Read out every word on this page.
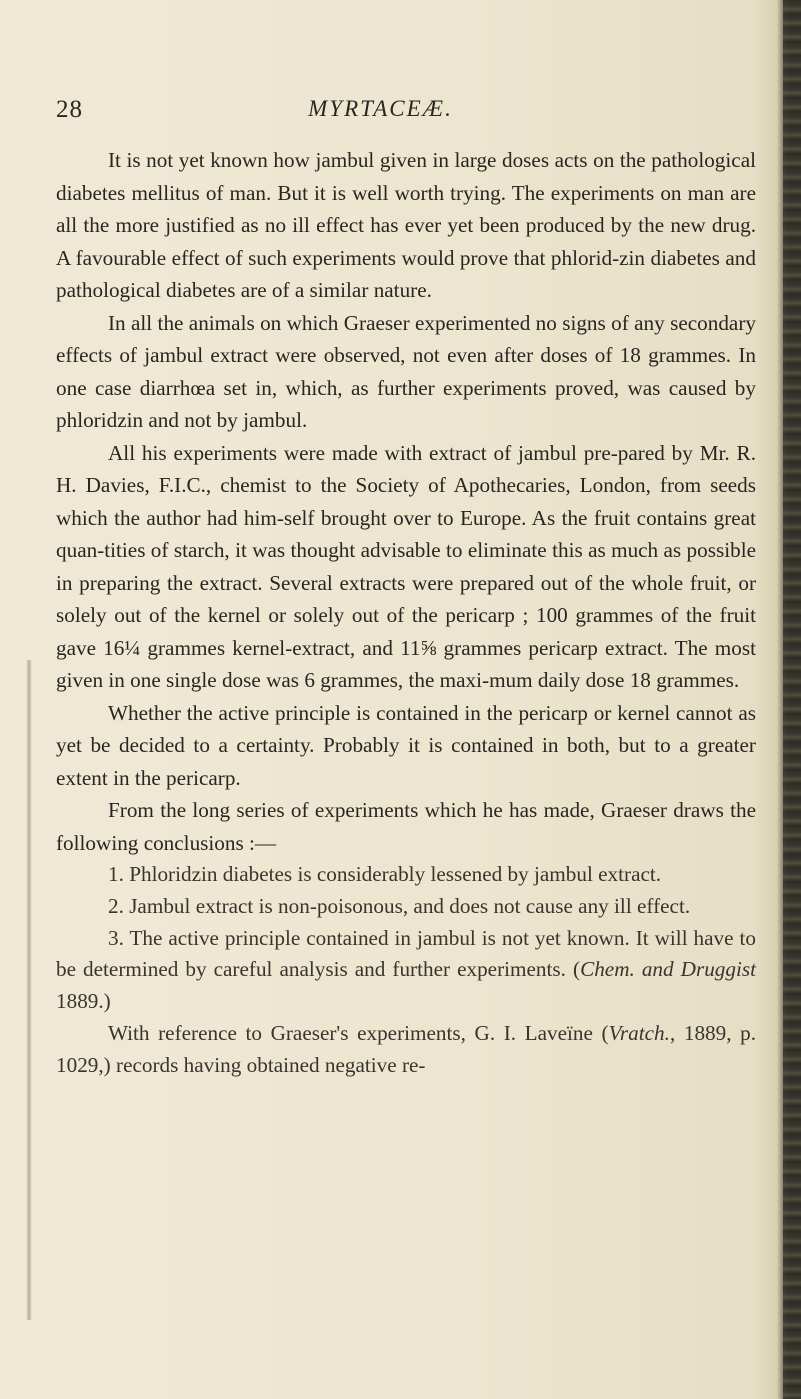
28	MYRTACEÆ.

It is not yet known how jambul given in large doses acts on the pathological diabetes mellitus of man. But it is well worth trying. The experiments on man are all the more justified as no ill effect has ever yet been produced by the new drug. A favourable effect of such experiments would prove that phlorid-zin diabetes and pathological diabetes are of a similar nature.

In all the animals on which Graeser experimented no signs of any secondary effects of jambul extract were observed, not even after doses of 18 grammes. In one case diarrhœa set in, which, as further experiments proved, was caused by phloridzin and not by jambul.

All his experiments were made with extract of jambul pre-pared by Mr. R. H. Davies, F.I.C., chemist to the Society of Apothecaries, London, from seeds which the author had him-self brought over to Europe. As the fruit contains great quan-tities of starch, it was thought advisable to eliminate this as much as possible in preparing the extract. Several extracts were prepared out of the whole fruit, or solely out of the kernel or solely out of the pericarp ; 100 grammes of the fruit gave 16¼ grammes kernel-extract, and 11⅝ grammes pericarp extract. The most given in one single dose was 6 grammes, the maxi-mum daily dose 18 grammes.

Whether the active principle is contained in the pericarp or kernel cannot as yet be decided to a certainty. Probably it is contained in both, but to a greater extent in the pericarp.

From the long series of experiments which he has made, Graeser draws the following conclusions :—

1. Phloridzin diabetes is considerably lessened by jambul extract.

2. Jambul extract is non-poisonous, and does not cause any ill effect.

3. The active principle contained in jambul is not yet known. It will have to be determined by careful analysis and further experiments. (Chem. and Druggist 1889.)

With reference to Graeser's experiments, G. I. Laveïne (Vratch., 1889, p. 1029,) records having obtained negative re-
